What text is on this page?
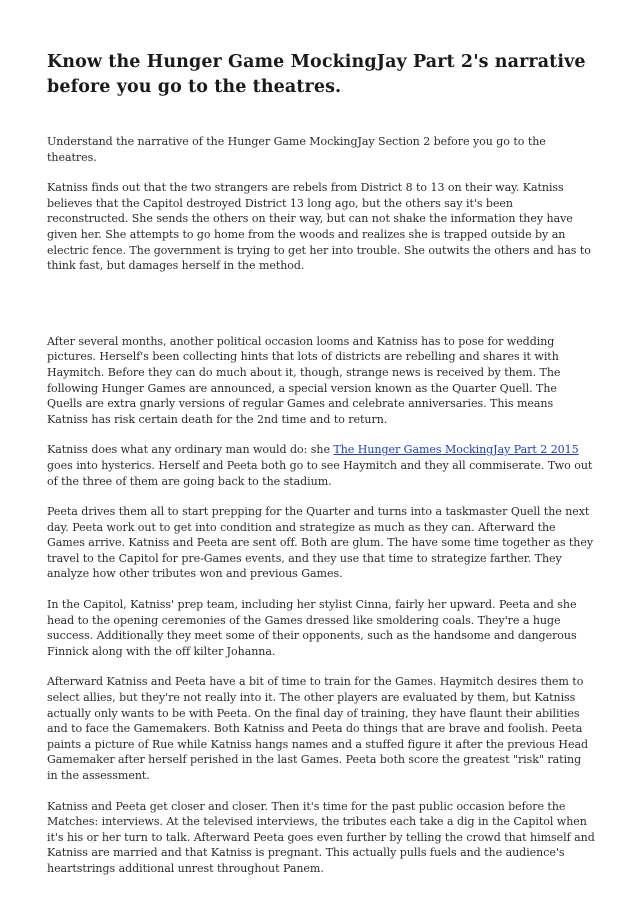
Know the Hunger Game MockingJay Part 2's narrative before you go to the theatres.

Understand the narrative of the Hunger Game MockingJay Section 2 before you go to the theatres.

Katniss finds out that the two strangers are rebels from District 8 to 13 on their way. Katniss believes that the Capitol destroyed District 13 long ago, but the others say it's been reconstructed. She sends the others on their way, but can not shake the information they have given her. She attempts to go home from the woods and realizes she is trapped outside by an electric fence. The government is trying to get her into trouble. She outwits the others and has to think fast, but damages herself in the method.

After several months, another political occasion looms and Katniss has to pose for wedding pictures. Herself's been collecting hints that lots of districts are rebelling and shares it with Haymitch. Before they can do much about it, though, strange news is received by them. The following Hunger Games are announced, a special version known as the Quarter Quell. The Quells are extra gnarly versions of regular Games and celebrate anniversaries. This means Katniss has risk certain death for the 2nd time and to return.

Katniss does what any ordinary man would do: she The Hunger Games MockingJay Part 2 2015 goes into hysterics. Herself and Peeta both go to see Haymitch and they all commiserate. Two out of the three of them are going back to the stadium.

Peeta drives them all to start prepping for the Quarter and turns into a taskmaster Quell the next day. Peeta work out to get into condition and strategize as much as they can. Afterward the Games arrive. Katniss and Peeta are sent off. Both are glum. The have some time together as they travel to the Capitol for pre-Games events, and they use that time to strategize farther. They analyze how other tributes won and previous Games.

In the Capitol, Katniss' prep team, including her stylist Cinna, fairly her upward. Peeta and she head to the opening ceremonies of the Games dressed like smoldering coals. They're a huge success. Additionally they meet some of their opponents, such as the handsome and dangerous Finnick along with the off kilter Johanna.

Afterward Katniss and Peeta have a bit of time to train for the Games. Haymitch desires them to select allies, but they're not really into it. The other players are evaluated by them, but Katniss actually only wants to be with Peeta. On the final day of training, they have flaunt their abilities and to face the Gamemakers. Both Katniss and Peeta do things that are brave and foolish. Peeta paints a picture of Rue while Katniss hangs names and a stuffed figure it after the previous Head Gamemaker after herself perished in the last Games. Peeta both score the greatest "risk" rating in the assessment.

Katniss and Peeta get closer and closer. Then it's time for the past public occasion before the Matches: interviews. At the televised interviews, the tributes each take a dig in the Capitol when it's his or her turn to talk. Afterward Peeta goes even further by telling the crowd that himself and Katniss are married and that Katniss is pregnant. This actually pulls fuels and the audience's heartstrings additional unrest throughout Panem.
